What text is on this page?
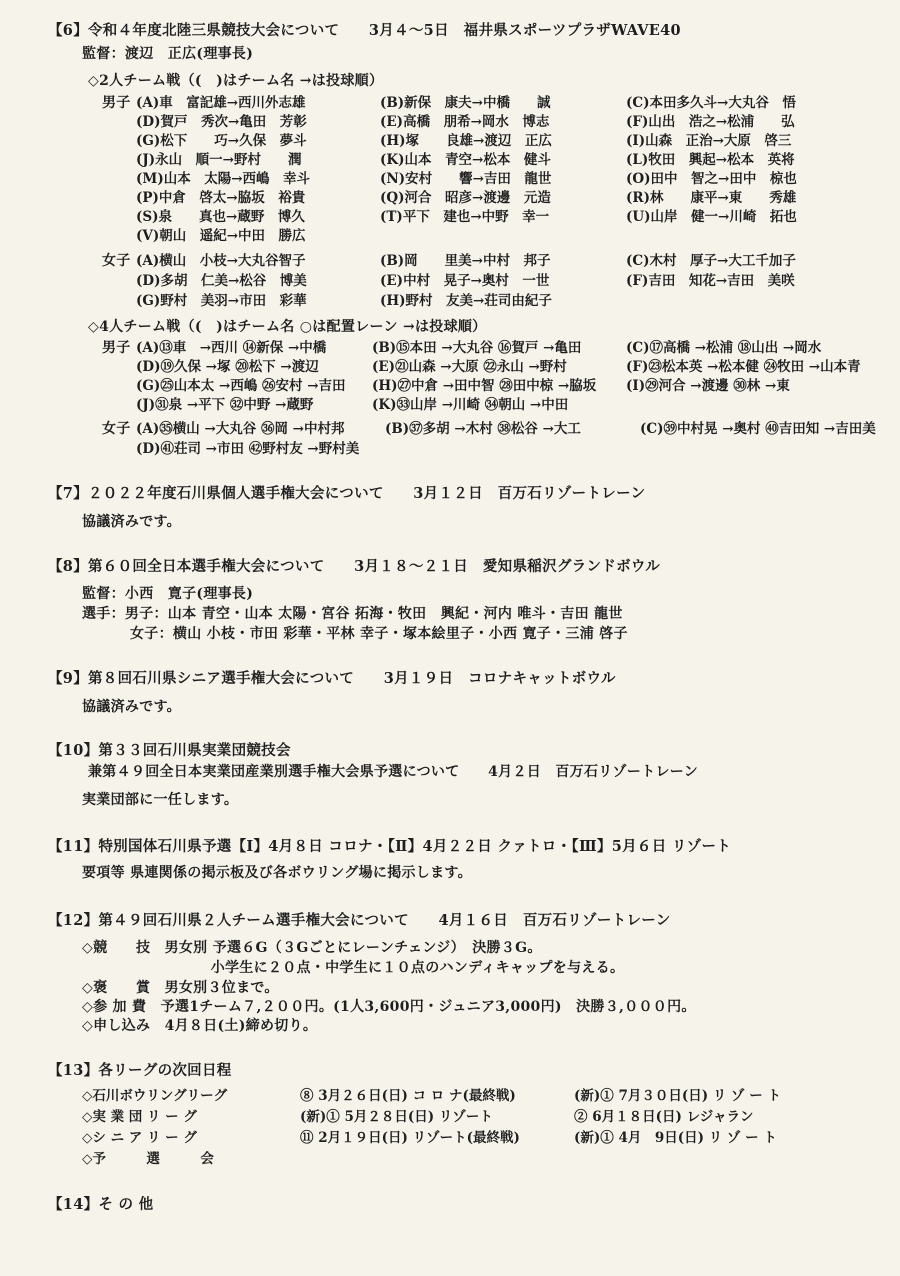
【6】令和４年度北陸三県競技大会について　　3月４～5日　福井県スポーツプラザWAVE40
監督：渡辺　正広(理事長)
◇2人チーム戦（(　)はチーム名 →は投球順）
男子 (A)車　富記雄→西川外志雄	(B)新保　康夫→中橋　　誠	(C)本田多久斗→大丸谷　悟
(D)賀戸　秀次→亀田　芳彰	(E)高橋　朋希→岡水　博志	(F)山出　浩之→松浦　　弘
(G)松下　　巧→久保　夢斗	(H)塚　　良雄→渡辺　正広	(I)山森　正治→大原　啓三
(J)永山　順一→野村　　潤	(K)山本　青空→松本　健斗	(L)牧田　興起→松本　英将
(M)山本　太陽→西嶋　幸斗	(N)安村　　響→吉田　龍世	(O)田中　智之→田中　椋也
(P)中倉　啓太→脇坂　裕貴	(Q)河合　昭彦→渡邊　元造	(R)林　　康平→東　　秀雄
(S)泉　　真也→蔵野　博久	(T)平下　建也→中野　幸一	(U)山岸　健一→川崎　拓也
(V)朝山　遥紀→中田　勝広
女子 (A)横山　小枝→大丸谷智子	(B)岡　　里美→中村　邦子	(C)木村　厚子→大工千加子
(D)多胡　仁美→松谷　博美	(E)中村　晃子→奥村　一世	(F)吉田　知花→吉田　美咲
(G)野村　美羽→市田　彩華	(H)野村　友美→荘司由紀子
◇4人チーム戦（(　)はチーム名 ○は配置レーン →は投球順）
男子 (A)⑬車　→西川 ⑭新保 →中橋	(B)⑮本田 →大丸谷 ⑯賀戸 →亀田	(C)⑰高橋 →松浦 ⑱山出 →岡水
(D)⑲久保 →塚 ⑳松下 →渡辺	(E)㉑山森 →大原 ㉒永山 →野村	(F)㉓松本英 →松本健 ㉔牧田 →山本青
(G)㉕山本太 →西嶋 ㉖安村 →吉田 (H)㉗中倉 →田中智 ㉘田中椋 →脇坂 (I)㉙河合 →渡邊 ㉚林 →東
(J)㉛泉 →平下 ㉜中野 →蔵野	(K)㉝山岸 →川崎 ㉞朝山 →中田
女子 (A)㉟横山 →大丸谷 ㊱岡 →中村邦	(B)㊲多胡 →木村 ㊳松谷 →大工	(C)㊴中村晃 →奥村 ㊵吉田知 →吉田美
(D)㊶荘司 →市田 ㊷野村友 →野村美
【7】２０２２年度石川県個人選手権大会について　　3月１２日　百万石リゾートレーン
協議済みです。
【8】第６０回全日本選手権大会について　　3月１８～２１日　愛知県稲沢グランドボウル
監督：小西　寛子(理事長)
選手：男子：山本 青空・山本 太陽・宮谷 拓海・牧田　興紀・河内 唯斗・吉田 龍世
女子：横山 小枝・市田 彩華・平林 幸子・塚本絵里子・小西 寛子・三浦 啓子
【9】第８回石川県シニア選手権大会について　　3月１９日　コロナキャットボウル
協議済みです。
【10】第３３回石川県実業団競技会
兼第４９回全日本実業団産業別選手権大会県予選について　　4月２日　百万石リゾートレーン
実業団部に一任します。
【11】特別国体石川県予選【Ⅰ】4月８日 コロナ・【Ⅱ】4月２２日 クァトロ・【Ⅲ】5月６日 リゾート
要項等 県連関係の掲示板及び各ボウリング場に掲示します。
【12】第４９回石川県２人チーム選手権大会について　　4月１６日　百万石リゾートレーン
◇競　　技　男女別 予選６G（３Gごとにレーンチェンジ）　決勝３G。
　　　　　　　　　小学生に２０点・中学生に１０点のハンディキャップを与える。
◇褒　　賞　男女別３位まで。
◇参 加 費　予選1チーム７,２００円。(1人3,600円・ジュニア3,000円)　決勝３,０００円。
◇申し込み　4月８日(土)締め切り。
【13】各リーグの次回日程
◇石川ボウリングリーグ	⑧ 3月２６日(日) コ ロ ナ(最終戦)	(新)① 7月３０日(日) リ ゾ ー ト
◇実 業 団 リ ー グ	(新)① 5月２８日(日) リゾート	② 6月１８日(日) レジャラン
◇シ ニ ア リ ー グ	⑪ 2月１９日(日) リゾート(最終戦)	(新)① 4月　9日(日) リ ゾ ー ト
◇予　　　選　　　会
【14】そ の 他
